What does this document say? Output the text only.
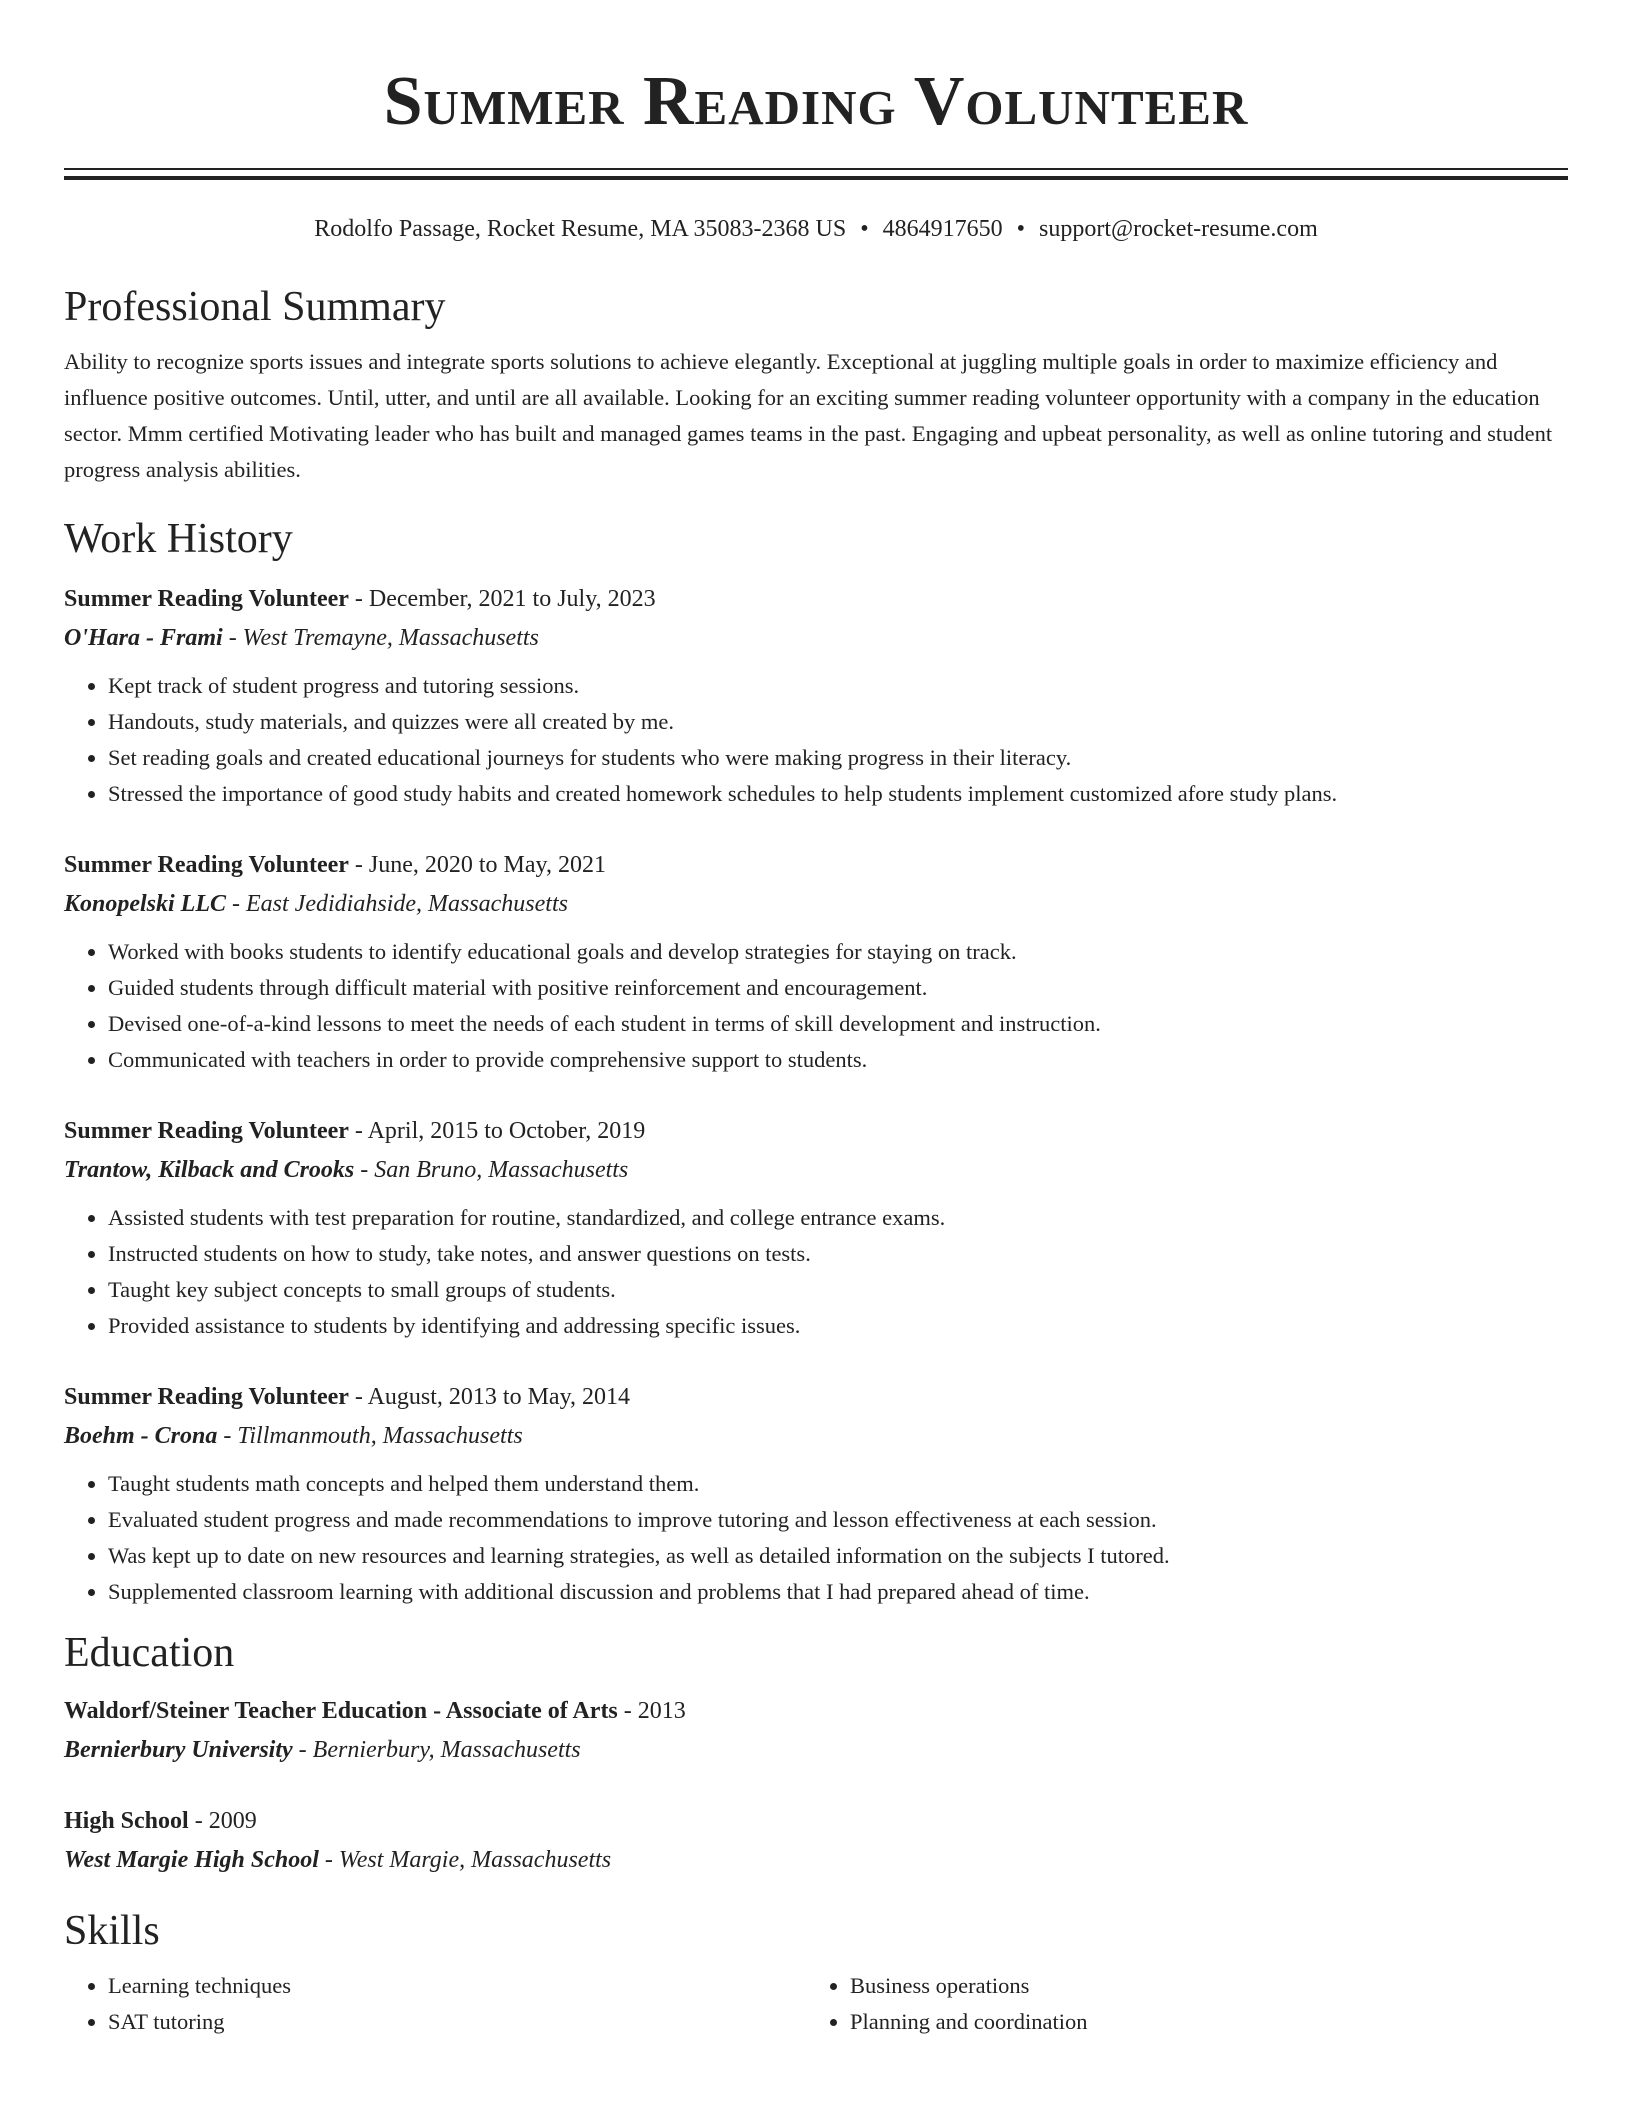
Summer Reading Volunteer
Rodolfo Passage, Rocket Resume, MA 35083-2368 US • 4864917650 • support@rocket-resume.com
Professional Summary
Ability to recognize sports issues and integrate sports solutions to achieve elegantly. Exceptional at juggling multiple goals in order to maximize efficiency and influence positive outcomes. Until, utter, and until are all available. Looking for an exciting summer reading volunteer opportunity with a company in the education sector. Mmm certified Motivating leader who has built and managed games teams in the past. Engaging and upbeat personality, as well as online tutoring and student progress analysis abilities.
Work History
Summer Reading Volunteer - December, 2021 to July, 2023
O'Hara - Frami - West Tremayne, Massachusetts
• Kept track of student progress and tutoring sessions.
• Handouts, study materials, and quizzes were all created by me.
• Set reading goals and created educational journeys for students who were making progress in their literacy.
• Stressed the importance of good study habits and created homework schedules to help students implement customized afore study plans.
Summer Reading Volunteer - June, 2020 to May, 2021
Konopelski LLC - East Jedidiahside, Massachusetts
• Worked with books students to identify educational goals and develop strategies for staying on track.
• Guided students through difficult material with positive reinforcement and encouragement.
• Devised one-of-a-kind lessons to meet the needs of each student in terms of skill development and instruction.
• Communicated with teachers in order to provide comprehensive support to students.
Summer Reading Volunteer - April, 2015 to October, 2019
Trantow, Kilback and Crooks - San Bruno, Massachusetts
• Assisted students with test preparation for routine, standardized, and college entrance exams.
• Instructed students on how to study, take notes, and answer questions on tests.
• Taught key subject concepts to small groups of students.
• Provided assistance to students by identifying and addressing specific issues.
Summer Reading Volunteer - August, 2013 to May, 2014
Boehm - Crona - Tillmanmouth, Massachusetts
• Taught students math concepts and helped them understand them.
• Evaluated student progress and made recommendations to improve tutoring and lesson effectiveness at each session.
• Was kept up to date on new resources and learning strategies, as well as detailed information on the subjects I tutored.
• Supplemented classroom learning with additional discussion and problems that I had prepared ahead of time.
Education
Waldorf/Steiner Teacher Education - Associate of Arts - 2013
Bernierbury University - Bernierbury, Massachusetts
High School - 2009
West Margie High School - West Margie, Massachusetts
Skills
• Learning techniques
• SAT tutoring
• Business operations
• Planning and coordination
